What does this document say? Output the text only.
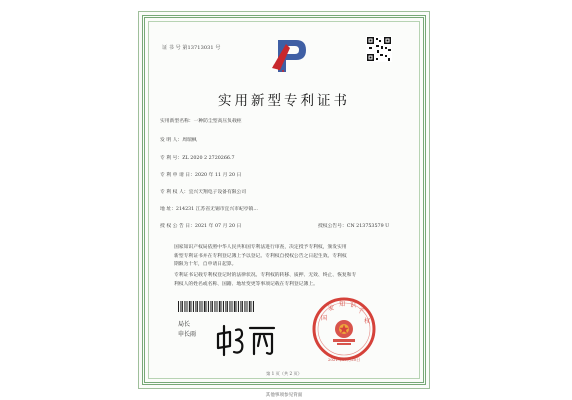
证 书 号 第13713031 号
实用新型专利证书
实用新型名称：一种防尘型高压负载柜
发 明 人：周瑞枫
专 利 号：ZL 2020 2 2720266.7
专 利 申 请 日：2020 年 11 月 20 日
专 利 权 人：宜兴天翔电子设备有限公司
地 址：214231 江苏省无锡市宜兴市屺亭镇...
授 权 公 告 日：2021 年 07 月 20 日	授权公告号：CN 213753579 U
国家知识产权局依照中华人民共和国专利法进行审查，决定授予专利权，颁发实用
新型专利证书并在专利登记簿上予以登记。专利权自授权公告之日起生效。专利权
期限为十年，自申请日起算。
专利证书记载专利权登记时的法律状况。专利权的转移、质押、无效、终止、恢复和专
利权人的姓名或名称、国籍、地址变更等事项记载在专利登记簿上。
局长
申长雨
国
家
知 识
产
权
2021年07月20日
第 1 页（共 2 页）
其他事项参见背面
